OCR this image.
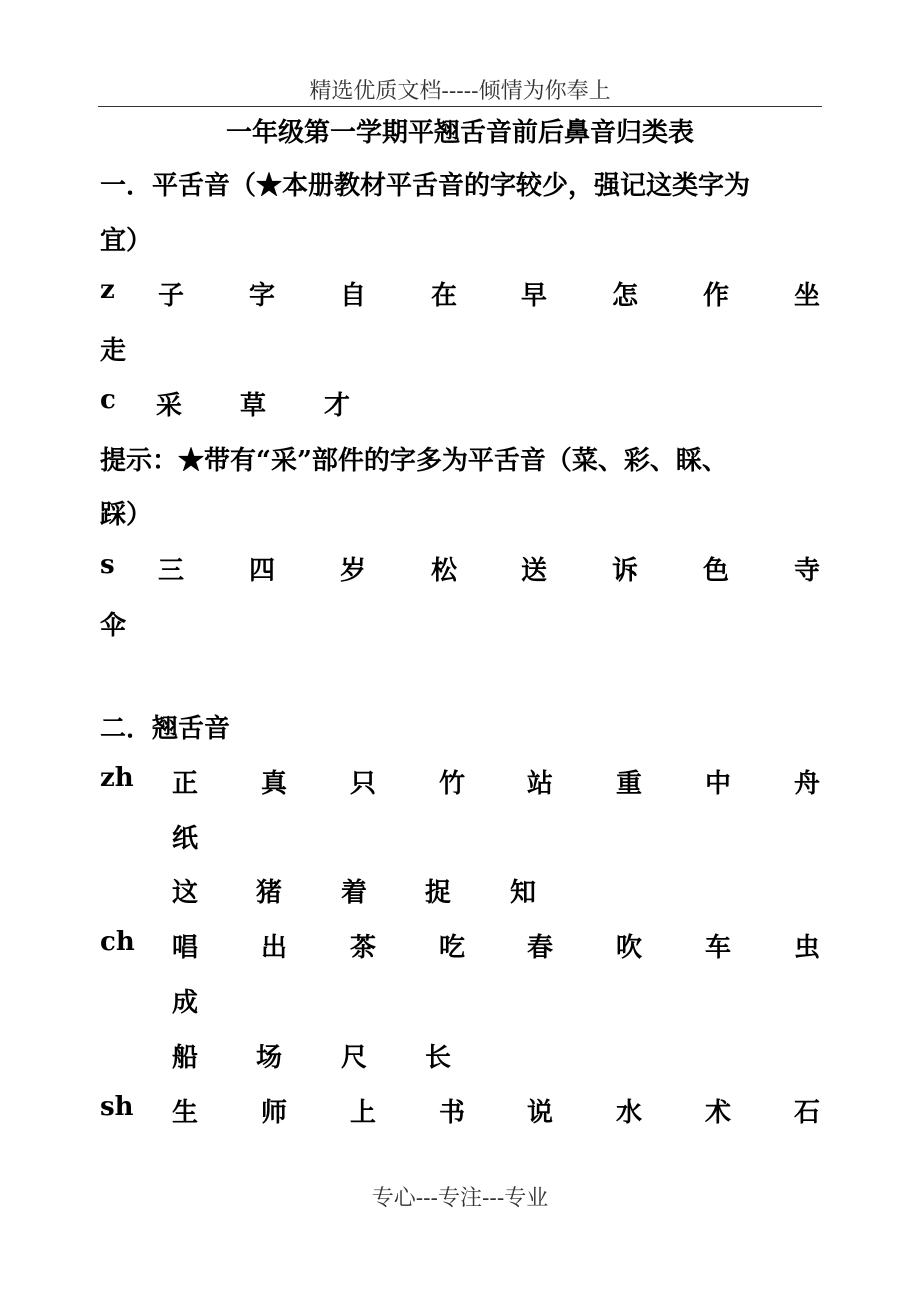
精选优质文档-----倾情为你奉上
一年级第一学期平翘舌音前后鼻音归类表
一．平舌音（★本册教材平舌音的字较少，强记这类字为
宜）
z 子 字 自 在 早 怎 作 坐
走
c 采 草 才
提示：★带有“采”部件的字多为平舌音（菜、彩、睬、
踩）
s 三 四 岁 松 送 诉 色 寺
伞
二．翘舌音
zh 正 真 只 竹 站 重 中 舟
纸
这 猪 着 捉 知
ch 唱 出 茶 吃 春 吹 车 虫
成
船 场 尺 长
sh 生 师 上 书 说 水 术 石
专心---专注---专业
